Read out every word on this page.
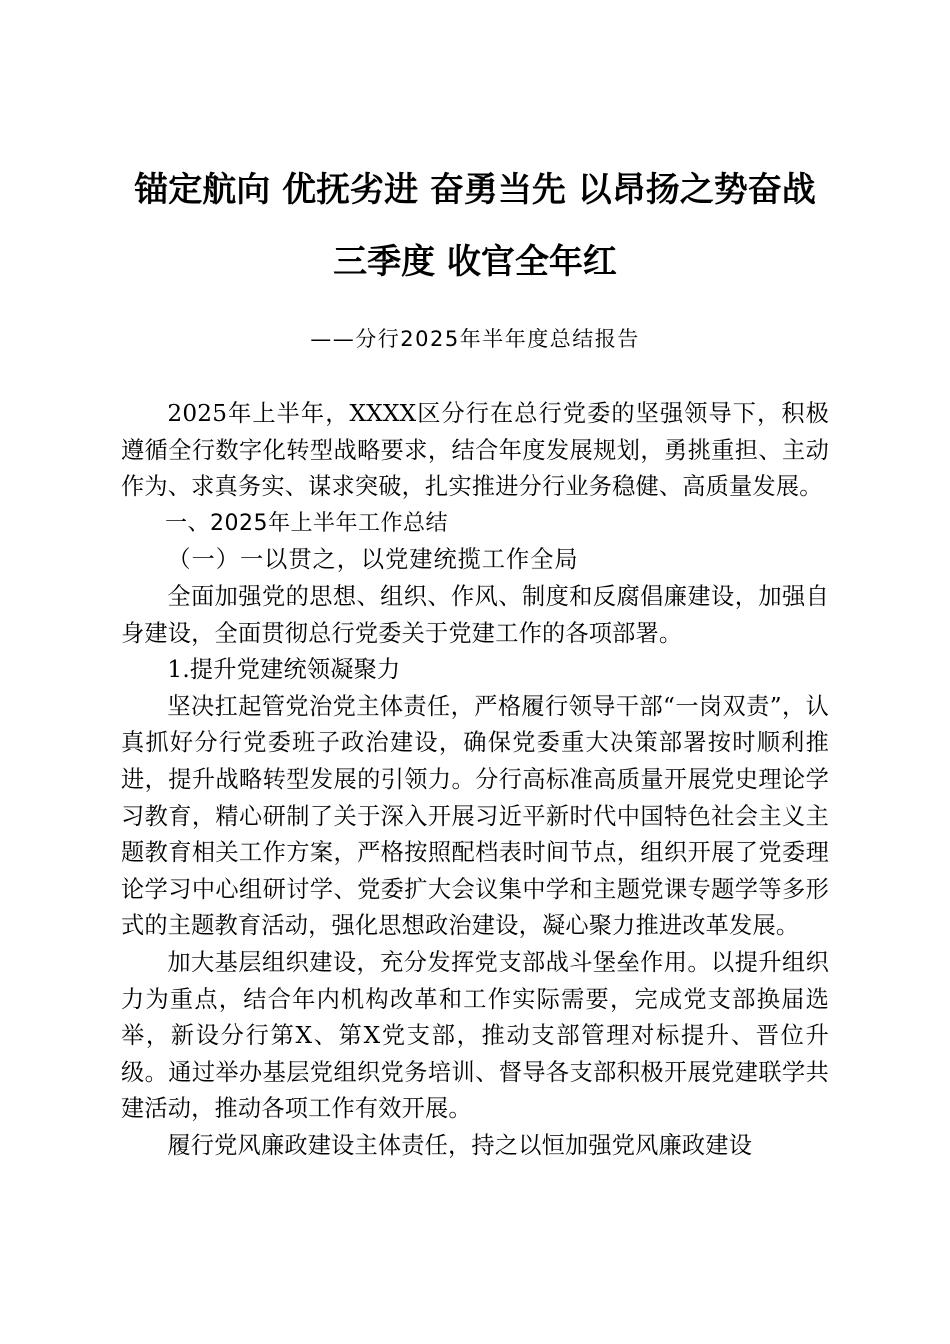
锚定航向 优抚劣进 奋勇当先 以昂扬之势奋战
三季度 收官全年红
——分行2025年半年度总结报告

2025年上半年，XXXX区分行在总行党委的坚强领导下，积极遵循全行数字化转型战略要求，结合年度发展规划，勇挑重担、主动作为、求真务实、谋求突破，扎实推进分行业务稳健、高质量发展。

一、2025年上半年工作总结

（一）一以贯之，以党建统揽工作全局

全面加强党的思想、组织、作风、制度和反腐倡廉建设，加强自身建设，全面贯彻总行党委关于党建工作的各项部署。

1.提升党建统领凝聚力

坚决扛起管党治党主体责任，严格履行领导干部“一岗双责”，认真抓好分行党委班子政治建设，确保党委重大决策部署按时顺利推进，提升战略转型发展的引领力。分行高标准高质量开展党史理论学习教育，精心研制了关于深入开展习近平新时代中国特色社会主义主题教育相关工作方案，严格按照配档表时间节点，组织开展了党委理论学习中心组研讨学、党委扩大会议集中学和主题党课专题学等多形式的主题教育活动，强化思想政治建设，凝心聚力推进改革发展。

加大基层组织建设，充分发挥党支部战斗堡垒作用。以提升组织力为重点，结合年内机构改革和工作实际需要，完成党支部换届选举，新设分行第X、第X党支部，推动支部管理对标提升、晋位升级。通过举办基层党组织党务培训、督导各支部积极开展党建联学共建活动，推动各项工作有效开展。

履行党风廉政建设主体责任，持之以恒加强党风廉政建设
